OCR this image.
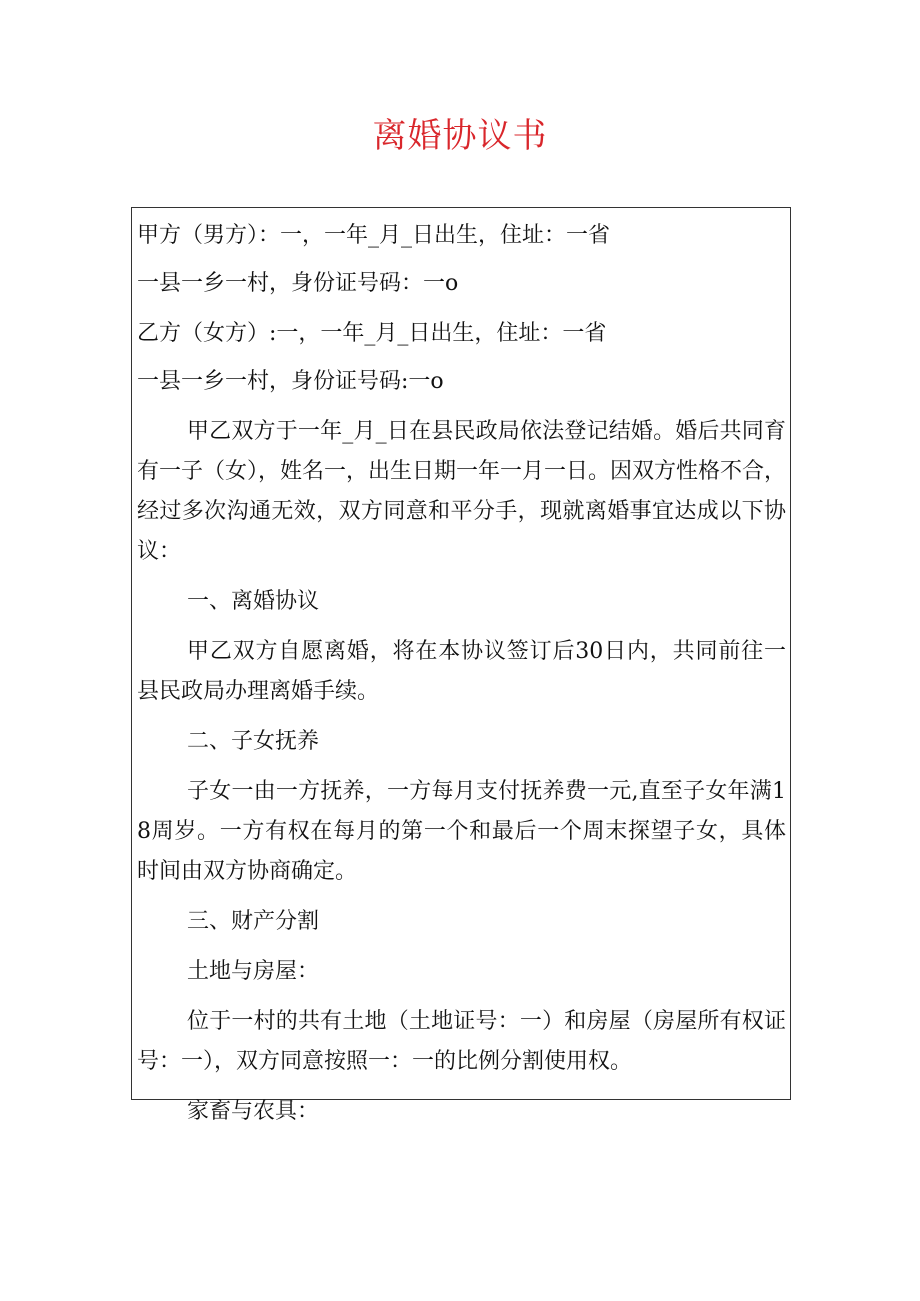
离婚协议书

甲方（男方）：一，一年_月_日出生，住址：一省

一县一乡一村，身份证号码：一o

乙方（女方）:一，一年_月_日出生，住址：一省

一县一乡一村，身份证号码:一o

甲乙双方于一年_月_日在县民政局依法登记结婚。婚后共同育有一子（女），姓名一，出生日期一年一月一日。因双方性格不合，经过多次沟通无效，双方同意和平分手，现就离婚事宜达成以下协议：

一、离婚协议

甲乙双方自愿离婚，将在本协议签订后30日内，共同前往一县民政局办理离婚手续。

二、子女抚养

子女一由一方抚养，一方每月支付抚养费一元,直至子女年满18周岁。一方有权在每月的第一个和最后一个周末探望子女，具体时间由双方协商确定。

三、财产分割

土地与房屋：

位于一村的共有土地（土地证号：一）和房屋（房屋所有权证号：一），双方同意按照一：一的比例分割使用权。

家畜与农具：
